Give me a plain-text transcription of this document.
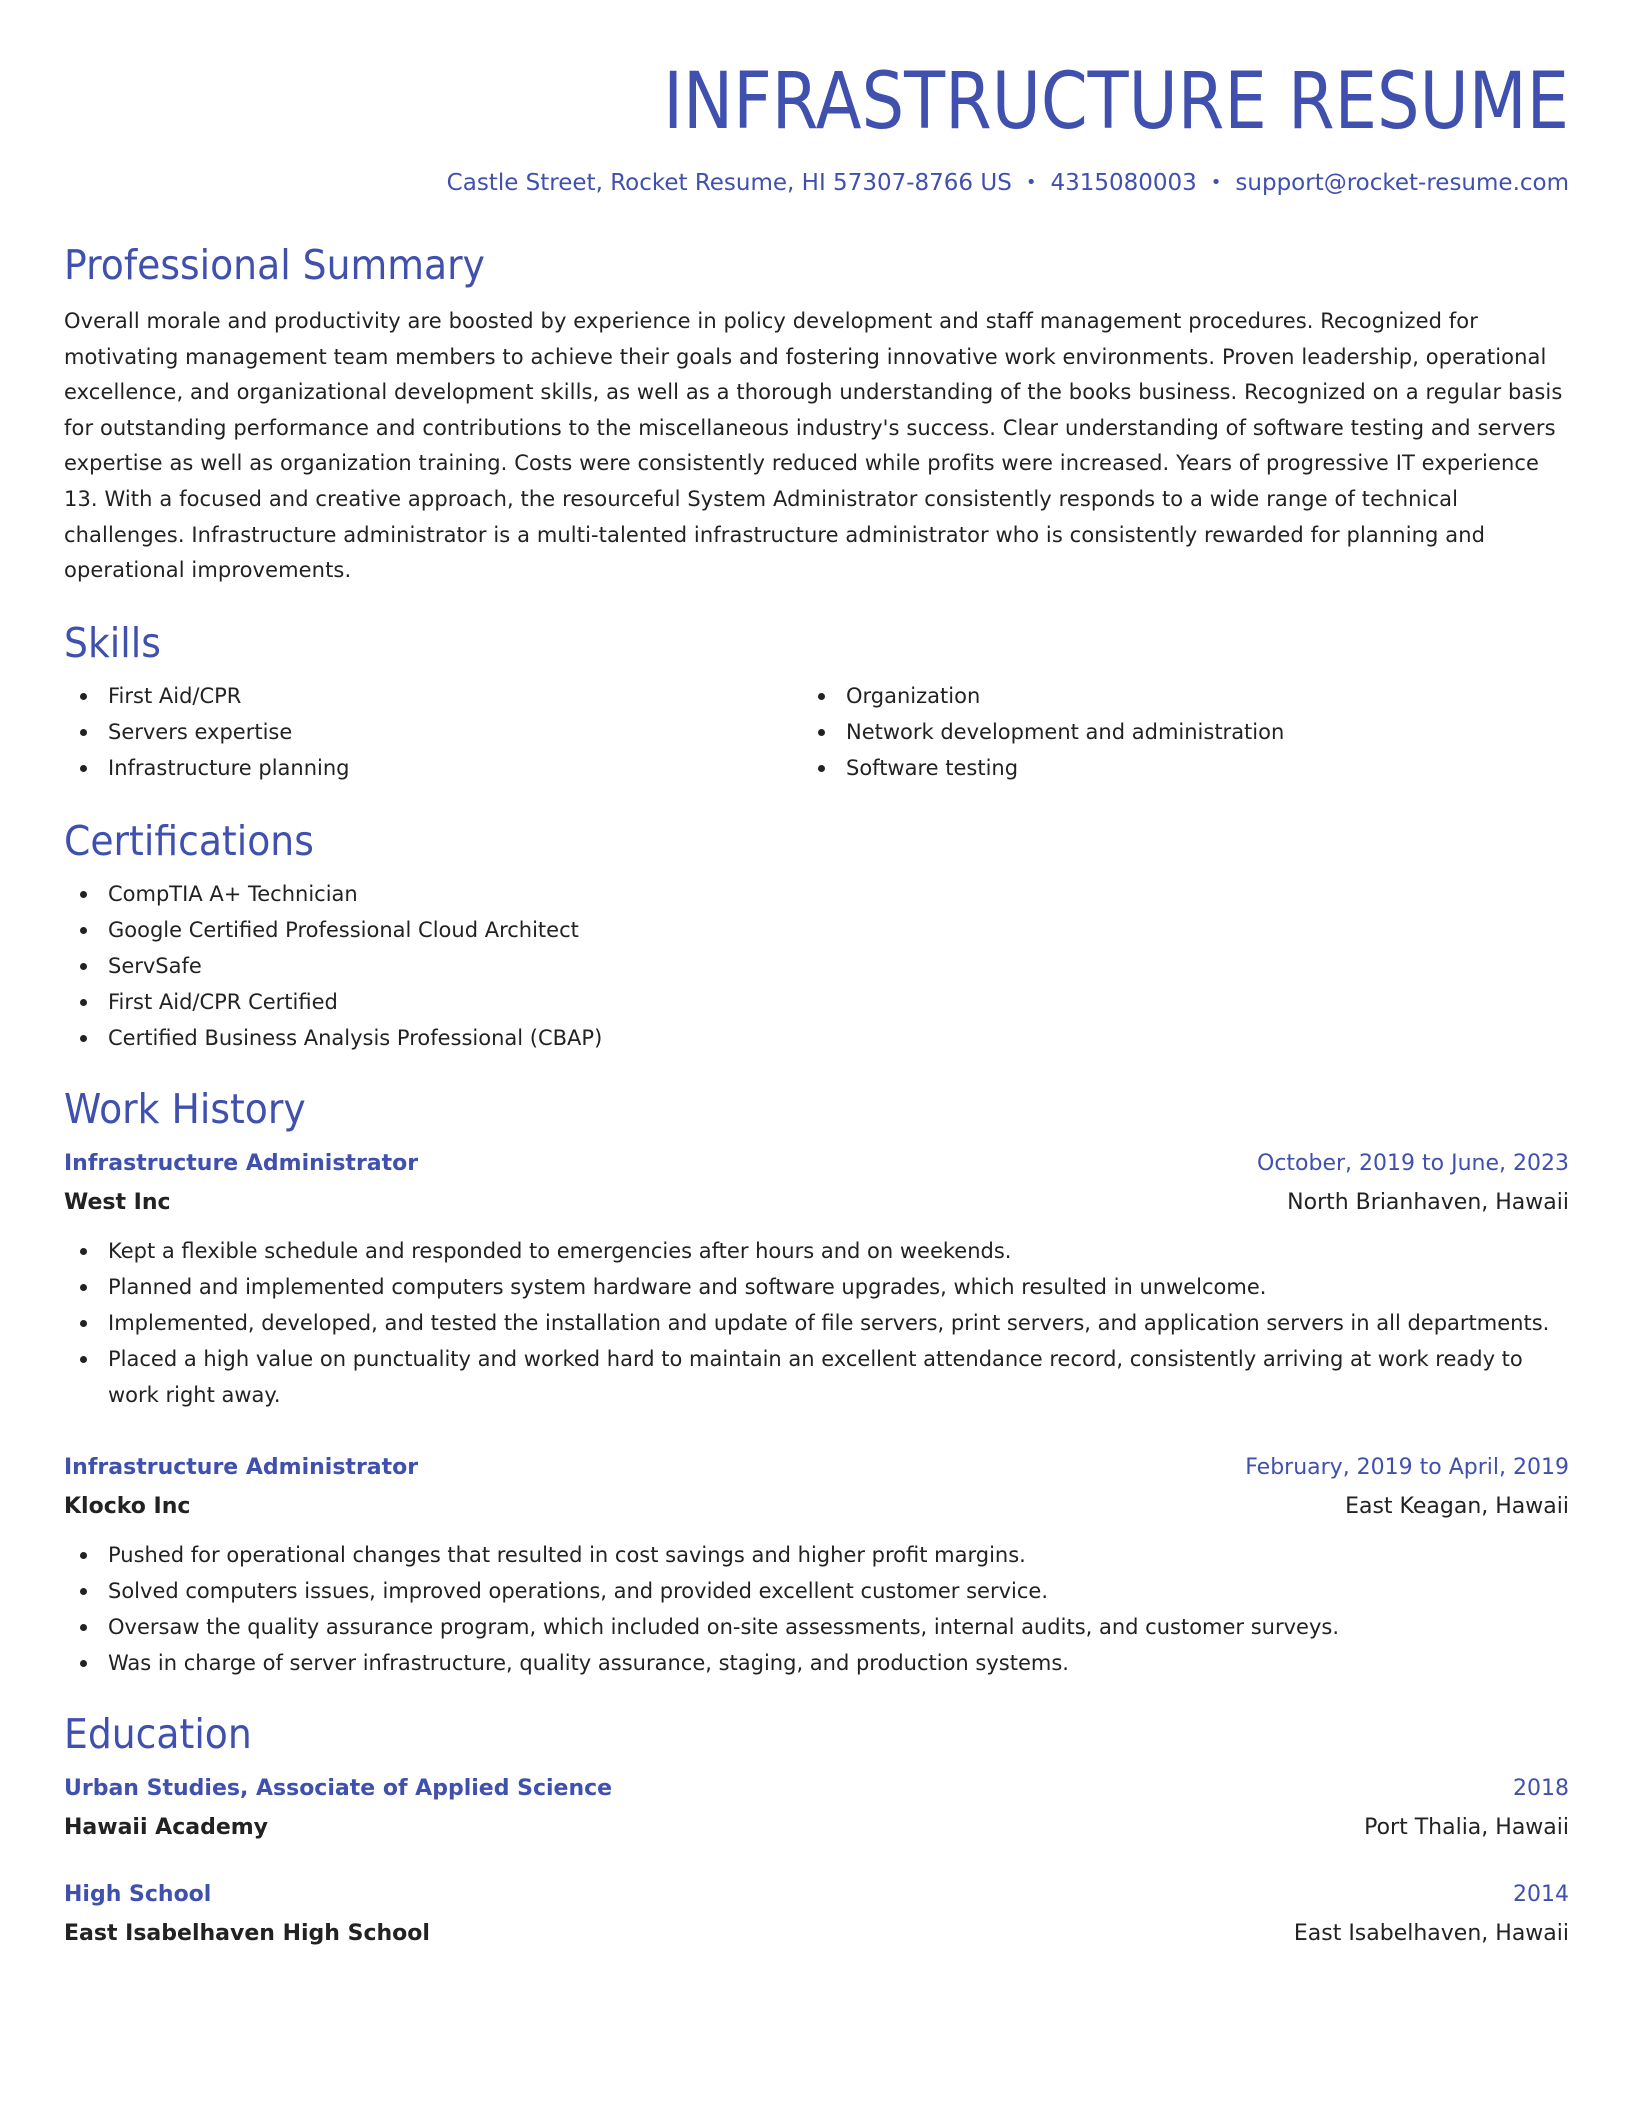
INFRASTRUCTURE RESUME
Castle Street, Rocket Resume, HI 57307-8766 US • 4315080003 • support@rocket-resume.com
Professional Summary

Overall morale and productivity are boosted by experience in policy development and staff management procedures. Recognized for motivating management team members to achieve their goals and fostering innovative work environments. Proven leadership, operational excellence, and organizational development skills, as well as a thorough understanding of the books business. Recognized on a regular basis for outstanding performance and contributions to the miscellaneous industry's success. Clear understanding of software testing and servers expertise as well as organization training. Costs were consistently reduced while profits were increased. Years of progressive IT experience 13. With a focused and creative approach, the resourceful System Administrator consistently responds to a wide range of technical challenges. Infrastructure administrator is a multi-talented infrastructure administrator who is consistently rewarded for planning and operational improvements.

Skills
First Aid/CPR
Servers expertise
Infrastructure planning
Organization
Network development and administration
Software testing
Certifications
CompTIA A+ Technician
Google Certified Professional Cloud Architect
ServSafe
First Aid/CPR Certified
Certified Business Analysis Professional (CBAP)
Work History
Infrastructure Administrator	October, 2019 to June, 2023
West Inc	North Brianhaven, Hawaii
Kept a flexible schedule and responded to emergencies after hours and on weekends.
Planned and implemented computers system hardware and software upgrades, which resulted in unwelcome.
Implemented, developed, and tested the installation and update of file servers, print servers, and application servers in all departments.
Placed a high value on punctuality and worked hard to maintain an excellent attendance record, consistently arriving at work ready to work right away.
Infrastructure Administrator	February, 2019 to April, 2019
Klocko Inc	East Keagan, Hawaii
Pushed for operational changes that resulted in cost savings and higher profit margins.
Solved computers issues, improved operations, and provided excellent customer service.
Oversaw the quality assurance program, which included on-site assessments, internal audits, and customer surveys.
Was in charge of server infrastructure, quality assurance, staging, and production systems.
Education
Urban Studies, Associate of Applied Science	2018
Hawaii Academy	Port Thalia, Hawaii
High School	2014
East Isabelhaven High School	East Isabelhaven, Hawaii
